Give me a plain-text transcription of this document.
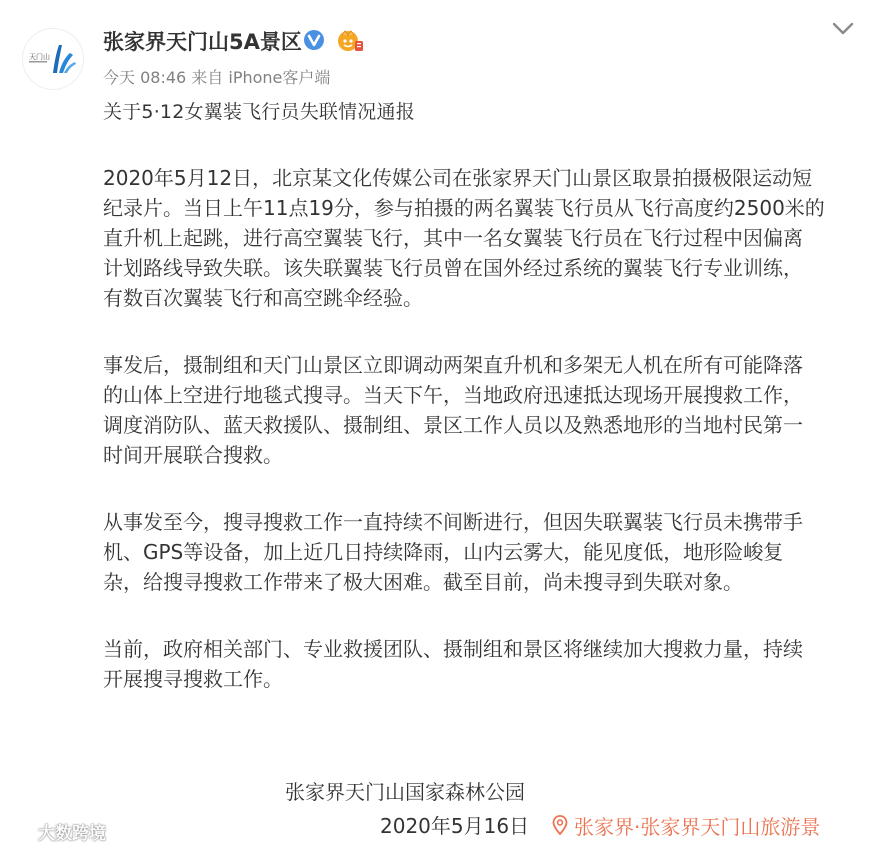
天门山
张家界天门山5A景区
今天 08:46 来自 iPhone客户端
关于5·12女翼装飞行员失联情况通报

2020年5月12日，北京某文化传媒公司在张家界天门山景区取景拍摄极限运动短
纪录片。当日上午11点19分，参与拍摄的两名翼装飞行员从飞行高度约2500米的
直升机上起跳，进行高空翼装飞行，其中一名女翼装飞行员在飞行过程中因偏离
计划路线导致失联。该失联翼装飞行员曾在国外经过系统的翼装飞行专业训练，
有数百次翼装飞行和高空跳伞经验。

事发后，摄制组和天门山景区立即调动两架直升机和多架无人机在所有可能降落
的山体上空进行地毯式搜寻。当天下午，当地政府迅速抵达现场开展搜救工作，
调度消防队、蓝天救援队、摄制组、景区工作人员以及熟悉地形的当地村民第一
时间开展联合搜救。

从事发至今，搜寻搜救工作一直持续不间断进行，但因失联翼装飞行员未携带手
机、GPS等设备，加上近几日持续降雨，山内云雾大，能见度低，地形险峻复
杂，给搜寻搜救工作带来了极大困难。截至目前，尚未搜寻到失联对象。

当前，政府相关部门、专业救援团队、摄制组和景区将继续加大搜救力量，持续
开展搜寻搜救工作。

张家界天门山国家森林公园
2020年5月16日 张家界·张家界天门山旅游景
大数跨境
